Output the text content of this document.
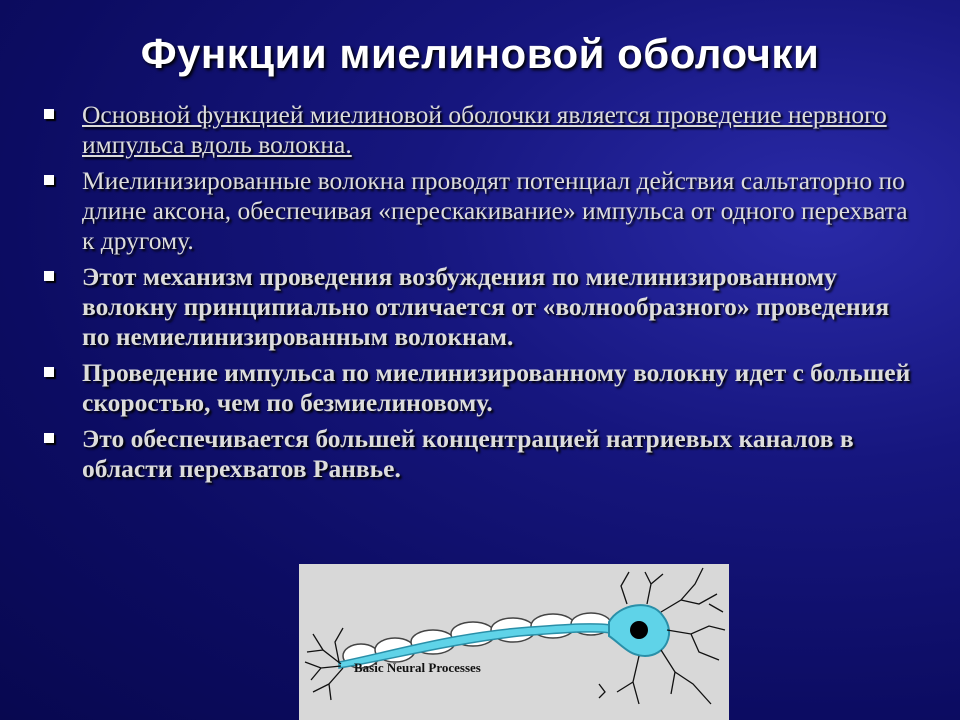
Функции миелиновой оболочки
Основной функцией миелиновой оболочки является проведение нервного импульса вдоль волокна.
Миелинизированные волокна проводят потенциал действия сальтаторно по длине аксона, обеспечивая «перескакивание» импульса от одного перехвата к другому.
Этот механизм проведения возбуждения по миелинизированному волокну принципиально отличается от «волнообразного» проведения по немиелинизированным волокнам.
Проведение импульса по миелинизированному волокну идет с большей скоростью, чем по безмиелиновому.
Это обеспечивается большей концентрацией натриевых каналов в области перехватов Ранвье.
Basic Neural Processes
